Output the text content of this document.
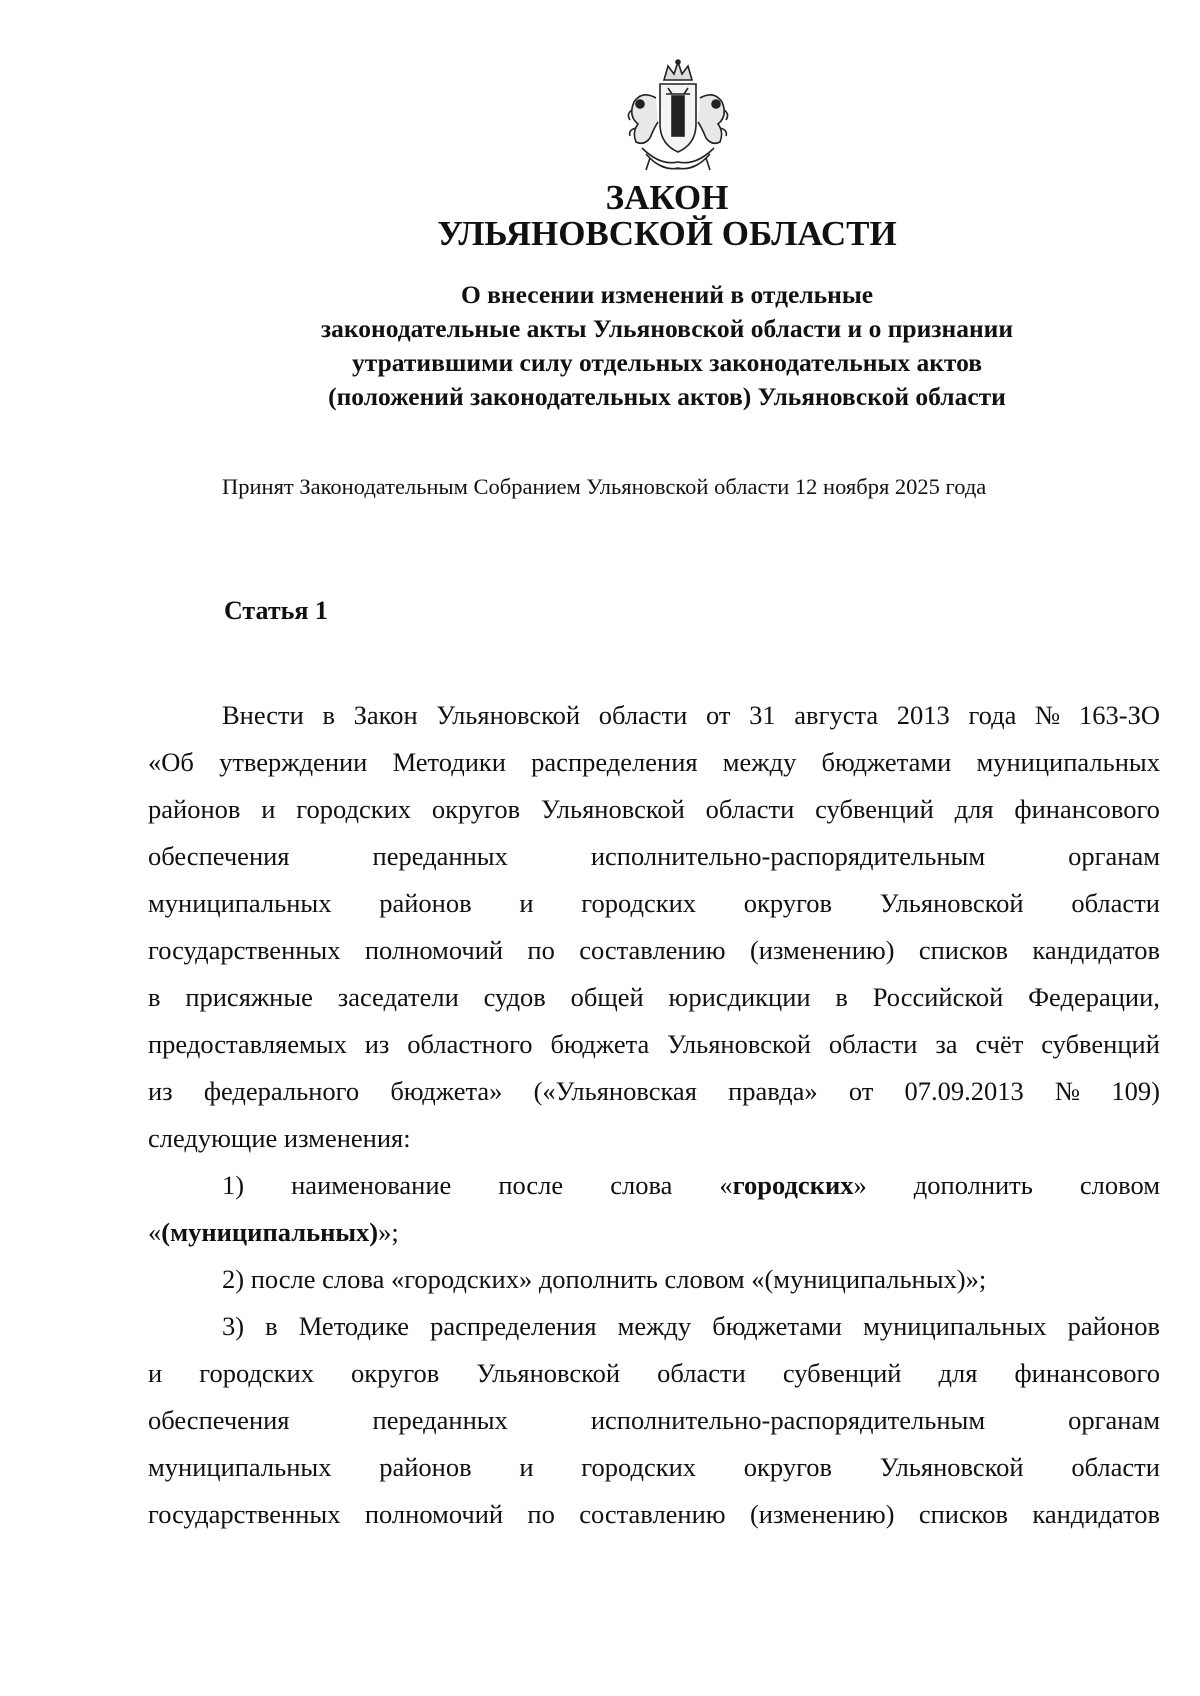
ЗАКОН
УЛЬЯНОВСКОЙ ОБЛАСТИ
О внесении изменений в отдельные
законодательные акты Ульяновской области и о признании
утратившими силу отдельных законодательных актов
(положений законодательных актов) Ульяновской области
Принят Законодательным Собранием Ульяновской области 12 ноября 2025 года
Статья 1
Внести в Закон Ульяновской области от 31 августа 2013 года № 163-ЗО
«Об утверждении Методики распределения между бюджетами муниципальных
районов и городских округов Ульяновской области субвенций для финансового
обеспечения	переданных	исполнительно-распорядительным	органам
муниципальных районов и городских округов Ульяновской области
государственных полномочий по составлению (изменению) списков кандидатов
в присяжные заседатели судов общей юрисдикции в Российской Федерации,
предоставляемых из областного бюджета Ульяновской области за счёт субвенций
из федерального бюджета» («Ульяновская правда» от 07.09.2013 № 109)
следующие изменения:
1) наименование после слова «городских» дополнить словом
«(муниципальных)»;
2) после слова «городских» дополнить словом «(муниципальных)»;
3) в Методике распределения между бюджетами муниципальных районов
и городских округов Ульяновской области субвенций для финансового
обеспечения	переданных	исполнительно-распорядительным	органам
муниципальных районов и городских округов Ульяновской области
государственных полномочий по составлению (изменению) списков кандидатов
